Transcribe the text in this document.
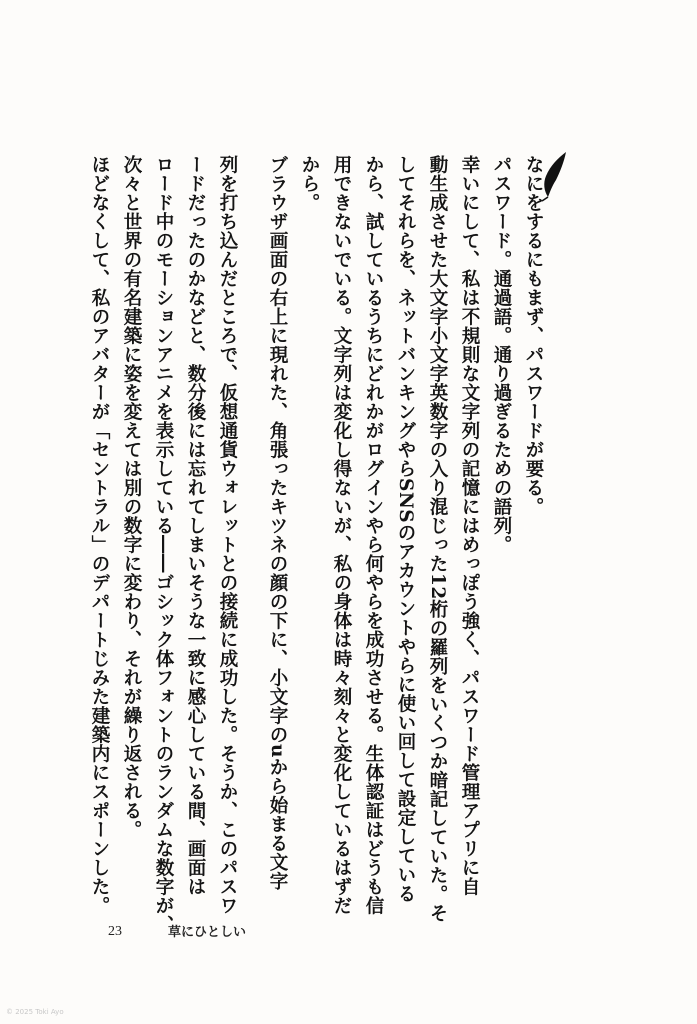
なにをするにもまず、パスワードが要る。
パスワード。通過語。通り過ぎるための語列。
幸いにして、私は不規則な文字列の記憶にはめっぽう強く、パスワード管理アプリに自
動生成させた大文字小文字英数字の入り混じった12桁の羅列をいくつか暗記していた。そ
してそれらを、ネットバンキングやらSNSのアカウントやらに使い回して設定している
から、試しているうちにどれかがログインやら何やらを成功させる。生体認証はどうも信
用できないでいる。文字列は変化し得ないが、私の身体は時々刻々と変化しているはずだ
から。
ブラウザ画面の右上に現れた、角張ったキツネの顔の下に、小文字のuから始まる文字
列を打ち込んだところで、仮想通貨ウォレットとの接続に成功した。そうか、このパスワ
ードだったのかなどと、数分後には忘れてしまいそうな一致に感心している間、画面は
ロード中のモーションアニメを表示している――ゴシック体フォントのランダムな数字が、
次々と世界の有名建築に姿を変えては別の数字に変わり、それが繰り返される。
ほどなくして、私のアバターが「セントラル」のデパートじみた建築内にスポーンした。
23	草にひとしい
© 2025 Toki Ayo
